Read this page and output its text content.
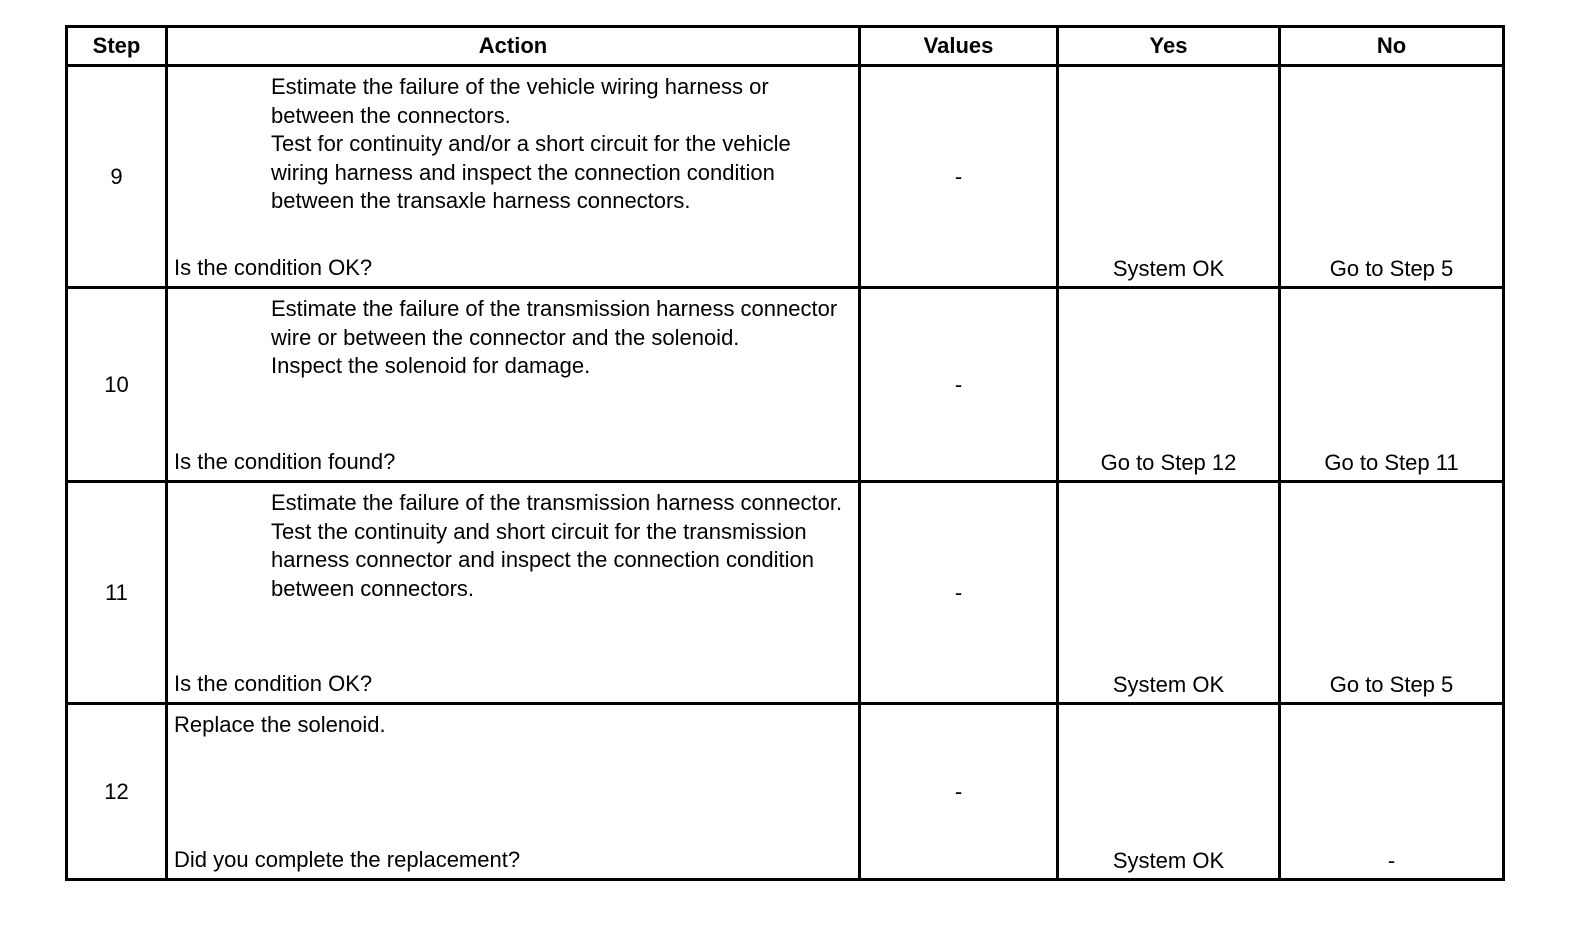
Step	Action	Values	Yes	No
9	Estimate the failure of the vehicle wiring harness or between the connectors.

Test for continuity and/or a short circuit for the vehicle wiring harness and inspect the connection condition between the transaxle harness connectors.

Is the condition OK?	-	System OK	Go to Step 5

10	Estimate the failure of the transmission harness connector wire or between the connector and the solenoid.

Inspect the solenoid for damage.

Is the condition found?	-	Go to Step 12	Go to Step 11

11	Estimate the failure of the transmission harness connector.

Test the continuity and short circuit for the transmission harness connector and inspect the connection condition between connectors.

Is the condition OK?	-	System OK	Go to Step 5

12	Replace the solenoid.

Did you complete the replacement?	-	System OK	-
